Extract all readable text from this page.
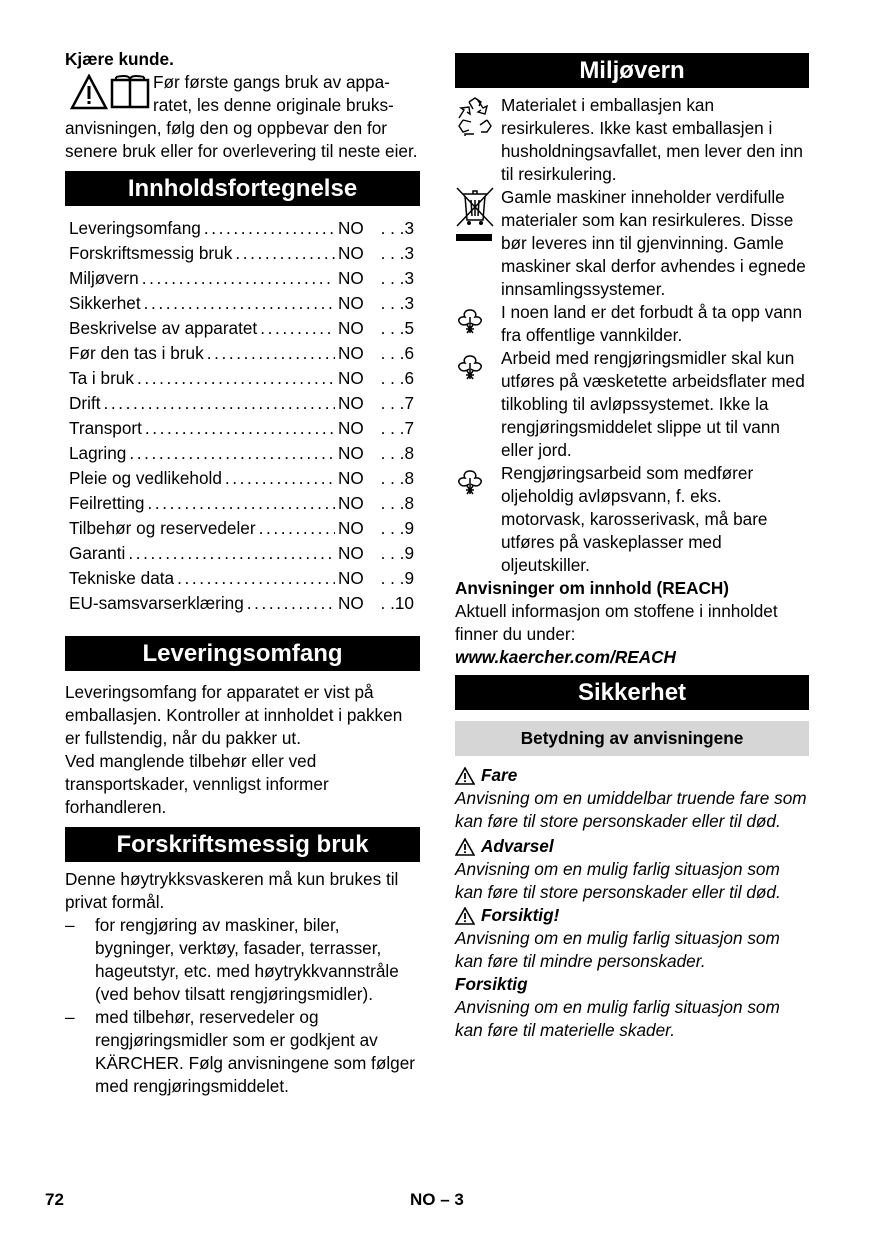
Kjære kunde.

Før første gangs bruk av appa-

ratet, les denne originale bruks-

anvisningen, følg den og oppbevar den for senere bruk eller for overlevering til neste eier.

Innholdsfortegnelse
Leveringsomfang .....	NO . . .3
Forskriftsmessig bruk .....	NO . . .3
Miljøvern .....	NO . . .3
Sikkerhet .....	NO . . .3
Beskrivelse av apparatet .....	NO . . .5
Før den tas i bruk .....	NO . . .6
Ta i bruk .....	NO . . .6
Drift .....	NO . . .7
Transport .....	NO . . .7
Lagring .....	NO . . .8
Pleie og vedlikehold .....	NO . . .8
Feilretting .....	NO . . .8
Tilbehør og reservedeler .....	NO . . .9
Garanti .....	NO . . .9
Tekniske data .....	NO . . .9
EU-samsvarserklæring .....	NO . .10
Leveringsomfang

Leveringsomfang for apparatet er vist på emballasjen. Kontroller at innholdet i pakken er fullstendig, når du pakker ut.

Ved manglende tilbehør eller ved transportskader, vennligst informer forhandleren.

Forskriftsmessig bruk

Denne høytrykksvaskeren må kun brukes til privat formål.

–	for rengjøring av maskiner, biler, bygninger, verktøy, fasader, terrasser, hageutstyr, etc. med høytrykkvannstråle (ved behov tilsatt rengjøringsmidler).
–	med tilbehør, reservedeler og rengjøringsmidler som er godkjent av KÄRCHER. Følg anvisningene som følger med rengjøringsmiddelet.
Miljøvern
Materialet i emballasjen kan resirkuleres. Ikke kast emballasjen i husholdningsavfallet, men lever den inn til resirkulering.
Gamle maskiner inneholder verdifulle materialer som kan resirkuleres. Disse bør leveres inn til gjenvinning. Gamle maskiner skal derfor avhendes i egnede innsamlingssystemer.
I noen land er det forbudt å ta opp vann fra offentlige vannkilder.
Arbeid med rengjøringsmidler skal kun utføres på væsketette arbeidsflater med tilkobling til avløpssystemet. Ikke la rengjøringsmiddelet slippe ut til vann eller jord.
Rengjøringsarbeid som medfører oljeholdig avløpsvann, f. eks. motorvask, karosserivask, må bare utføres på vaskeplasser med oljeutskiller.

Anvisninger om innhold (REACH)

Aktuell informasjon om stoffene i innholdet finner du under:

www.kaercher.com/REACH

Sikkerhet
Betydning av anvisningene
Fare

Anvisning om en umiddelbar truende fare som kan føre til store personskader eller til død.

Advarsel

Anvisning om en mulig farlig situasjon som kan føre til store personskader eller til død.

Forsiktig!

Anvisning om en mulig farlig situasjon som kan føre til mindre personskader.

Forsiktig

Anvisning om en mulig farlig situasjon som kan føre til materielle skader.

72	NO – 3
